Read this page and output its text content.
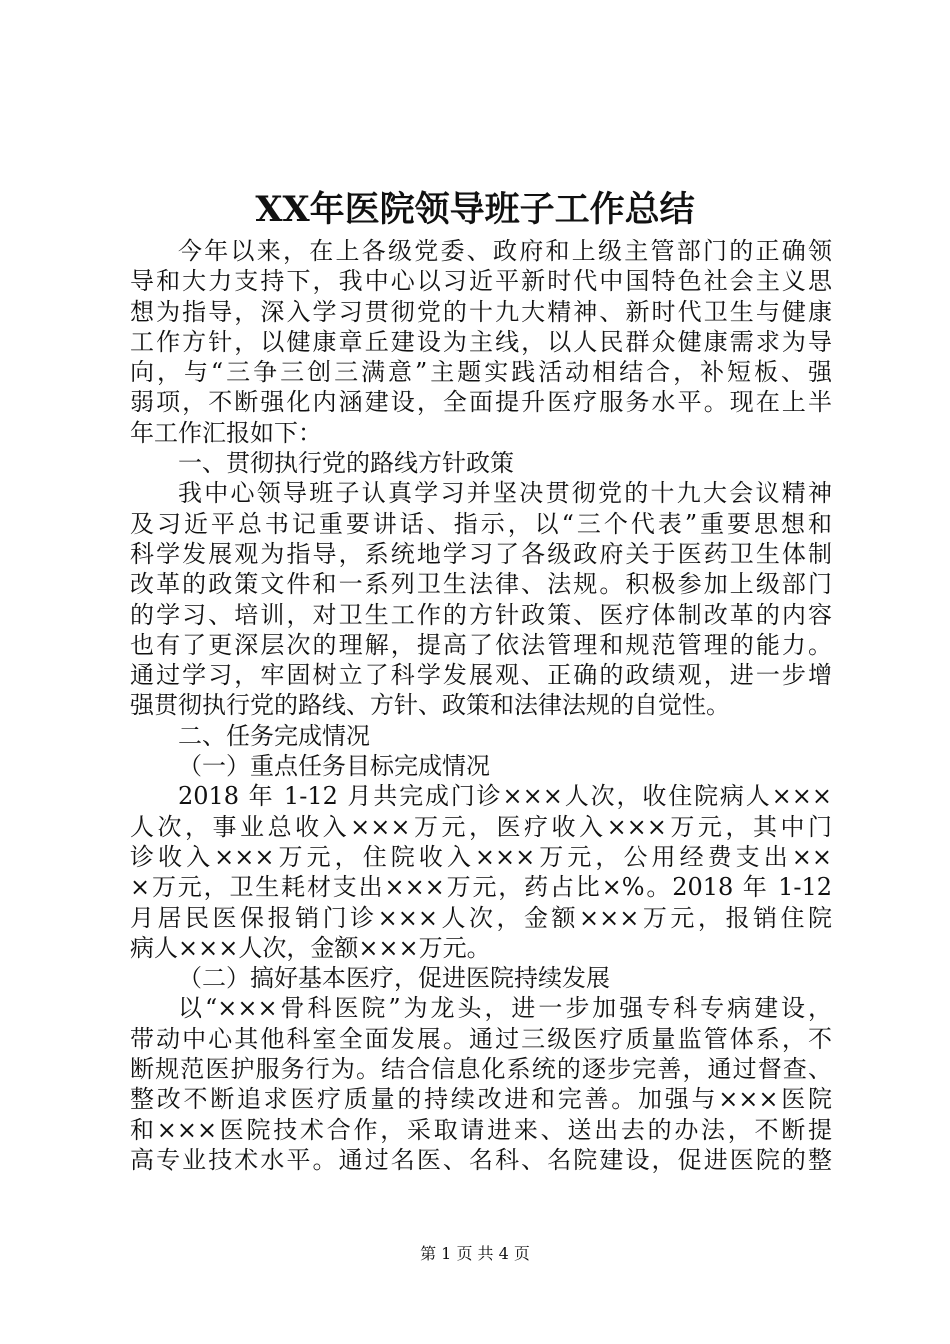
XX年医院领导班子工作总结
今年以来，在上各级党委、政府和上级主管部门的正确领
导和大力支持下，我中心以习近平新时代中国特色社会主义思
想为指导，深入学习贯彻党的十九大精神、新时代卫生与健康
工作方针，以健康章丘建设为主线，以人民群众健康需求为导
向，与“三争三创三满意”主题实践活动相结合，补短板、强
弱项，不断强化内涵建设，全面提升医疗服务水平。现在上半
年工作汇报如下：
一、贯彻执行党的路线方针政策
我中心领导班子认真学习并坚决贯彻党的十九大会议精神
及习近平总书记重要讲话、指示，以“三个代表”重要思想和
科学发展观为指导，系统地学习了各级政府关于医药卫生体制
改革的政策文件和一系列卫生法律、法规。积极参加上级部门
的学习、培训，对卫生工作的方针政策、医疗体制改革的内容
也有了更深层次的理解，提高了依法管理和规范管理的能力。
通过学习，牢固树立了科学发展观、正确的政绩观，进一步增
强贯彻执行党的路线、方针、政策和法律法规的自觉性。
二、任务完成情况
（一）重点任务目标完成情况
2018 年 1-12 月共完成门诊×××人次，收住院病人×××
人次，事业总收入×××万元，医疗收入×××万元，其中门
诊收入×××万元，住院收入×××万元，公用经费支出××
×万元，卫生耗材支出×××万元，药占比×%。2018 年 1-12
月居民医保报销门诊×××人次，金额×××万元，报销住院
病人×××人次，金额×××万元。
（二）搞好基本医疗，促进医院持续发展
以“×××骨科医院”为龙头，进一步加强专科专病建设，
带动中心其他科室全面发展。通过三级医疗质量监管体系，不
断规范医护服务行为。结合信息化系统的逐步完善，通过督查、
整改不断追求医疗质量的持续改进和完善。加强与×××医院
和×××医院技术合作，采取请进来、送出去的办法，不断提
高专业技术水平。通过名医、名科、名院建设，促进医院的整
第 1 页 共 4 页
